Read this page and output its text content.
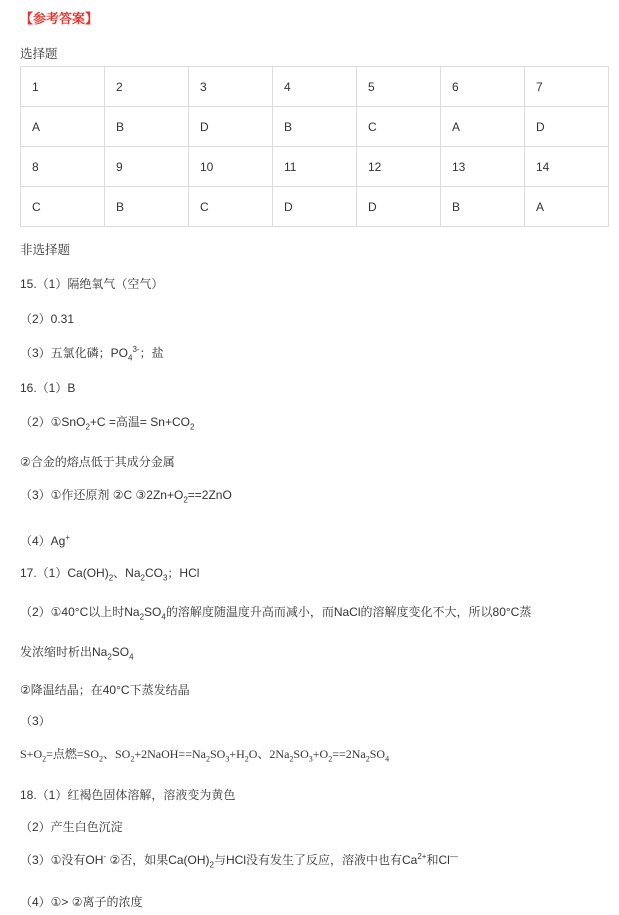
【参考答案】
选择题
1	2	3	4	5	6	7
A	B	D	B	C	A	D
8	9	10	11	12	13	14
C	B	C	D	D	B	A
非选择题
15.（1）隔绝氧气（空气）
（2）0.31
（3）五氯化磷；$PO_4^{3-}$；盐
16.（1）B
（2）①SnO$_2$+C =高温= $Sn+CO_2$
②合金的熔点低于其成分金属
（3）①作还原剂 ②C $③2Zn+O_2==2ZnO$
（4）Ag+
$17.(1)Ca(OH)_2$、$Na_2CO_3$；HCl
（2）①40°C以上时$Na_2SO_4$的溶解度随温度升高而减小，而NaCl的溶解度变化不大，所以80°C蒸
发浓缩时析出$Na_2SO_4$
②降温结晶；在40°C下蒸发结晶
（3）
$S+O_2=$点燃$=SO_2$、$SO_2+2NaOH==Na_2SO_3+H_2O$、$2Na_2SO_3+O_2==2Na_2SO_4$
18.（1）红褐色固体溶解，溶液变为黄色
（2）产生白色沉淀
（3）①没有OH- ②否，如果$Ca(OH)_2$与HCl没有发生了反应，溶液中也有$Ca^{2+}$和Cl—
（4）①> ②离子的浓度
